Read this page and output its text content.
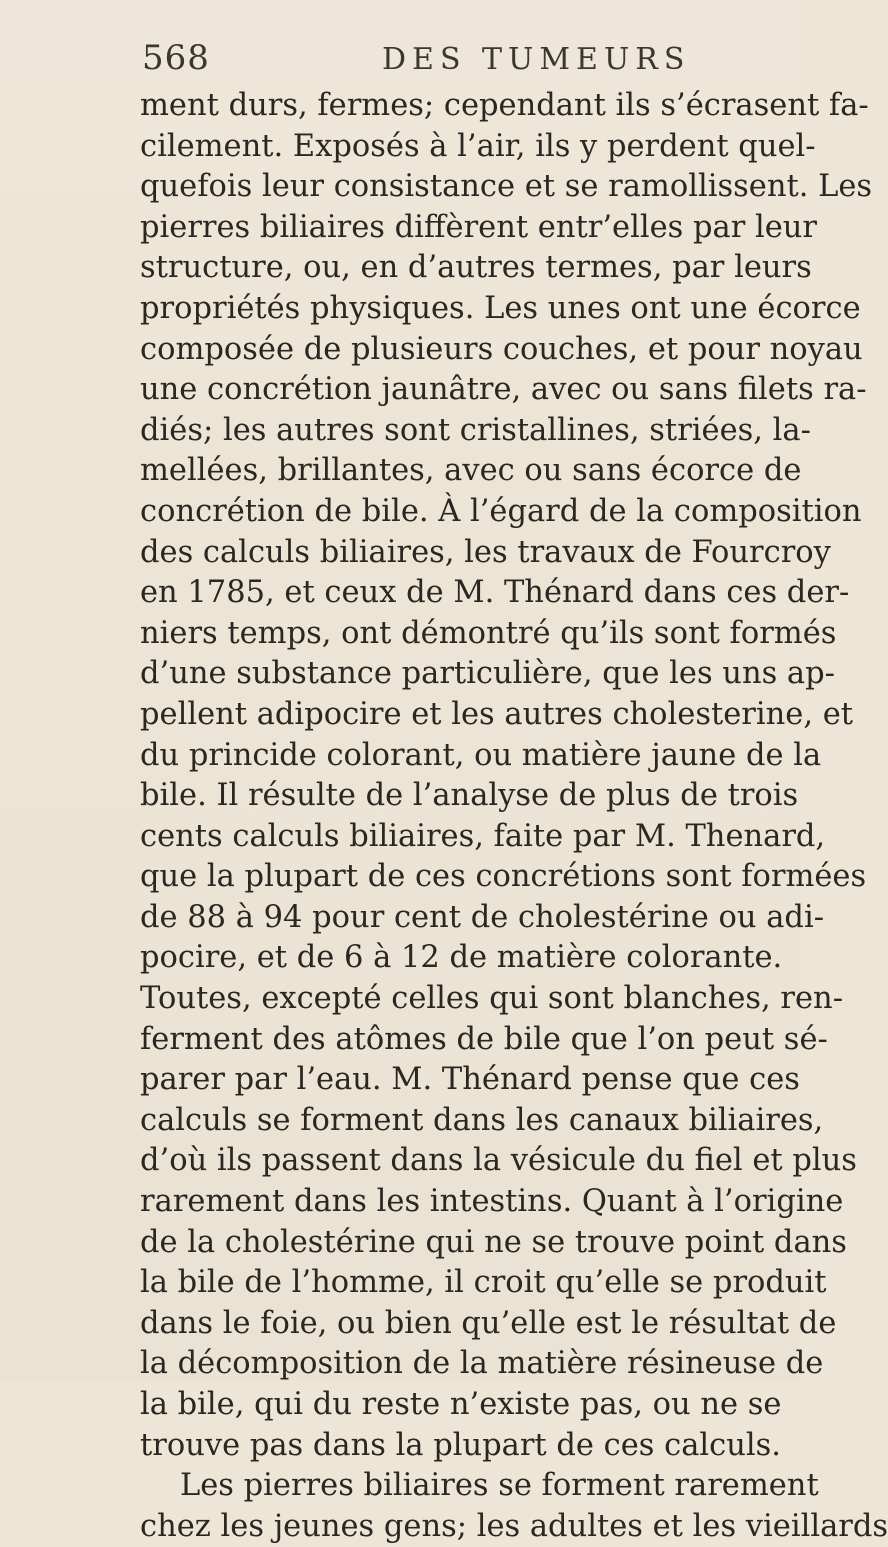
568	DES TUMEURS
ment durs, fermes; cependant ils s’écrasent fa-
cilement. Exposés à l’air, ils y perdent quel-
quefois leur consistance et se ramollissent. Les
pierres biliaires diffèrent entr’elles par leur
structure, ou, en d’autres termes, par leurs
propriétés physiques. Les unes ont une écorce
composée de plusieurs couches, et pour noyau
une concrétion jaunâtre, avec ou sans filets ra-
diés; les autres sont cristallines, striées, la-
mellées, brillantes, avec ou sans écorce de
concrétion de bile. À l’égard de la composition
des calculs biliaires, les travaux de Fourcroy
en 1785, et ceux de M. Thénard dans ces der-
niers temps, ont démontré qu’ils sont formés
d’une substance particulière, que les uns ap-
pellent adipocire et les autres cholesterine, et
du princide colorant, ou matière jaune de la
bile. Il résulte de l’analyse de plus de trois
cents calculs biliaires, faite par M. Thenard,
que la plupart de ces concrétions sont formées
de 88 à 94 pour cent de cholestérine ou adi-
pocire, et de 6 à 12 de matière colorante.
Toutes, excepté celles qui sont blanches, ren-
ferment des atômes de bile que l’on peut sé-
parer par l’eau. M. Thénard pense que ces
calculs se forment dans les canaux biliaires,
d’où ils passent dans la vésicule du fiel et plus
rarement dans les intestins. Quant à l’origine
de la cholestérine qui ne se trouve point dans
la bile de l’homme, il croit qu’elle se produit
dans le foie, ou bien qu’elle est le résultat de
la décomposition de la matière résineuse de
la bile, qui du reste n’existe pas, ou ne se
trouve pas dans la plupart de ces calculs.
Les pierres biliaires se forment rarement
chez les jeunes gens; les adultes et les vieillards
